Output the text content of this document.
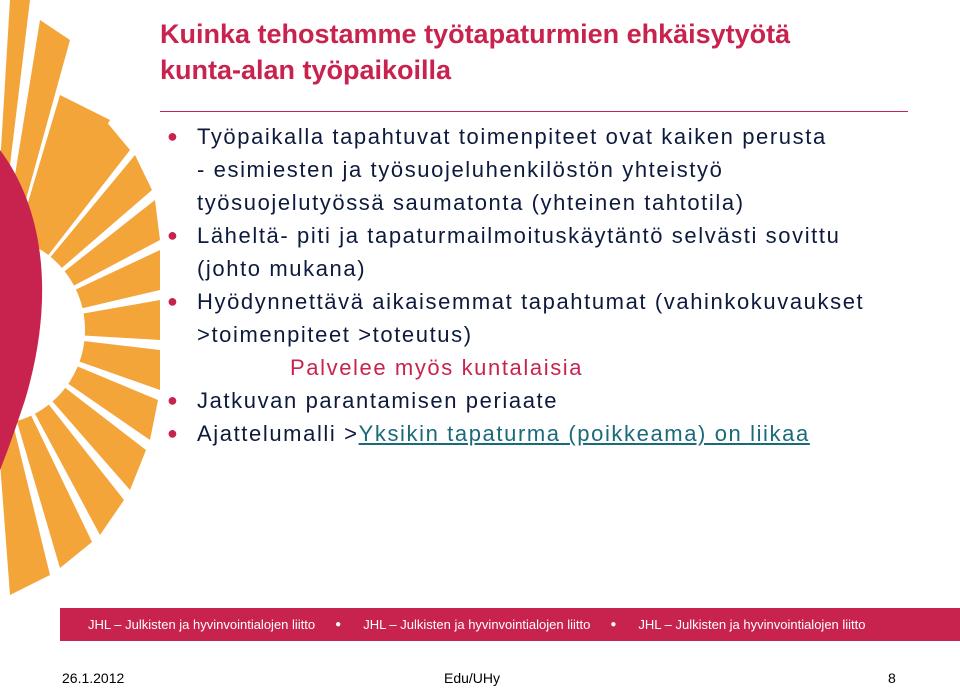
Kuinka tehostamme työtapaturmien ehkäisytyötä
kunta-alan työpaikoilla
● Työpaikalla tapahtuvat toimenpiteet ovat kaiken perusta
- esimiesten ja työsuojeluhenkilöstön yhteistyö työsuojelutyössä saumatonta (yhteinen tahtotila)
● Läheltä- piti ja tapaturmailmoituskäytäntö selvästi sovittu (johto mukana)
● Hyödynnettävä aikaisemmat tapahtumat (vahinkokuvaukset >toimenpiteet >toteutus)
Palvelee myös kuntalaisia
● Jatkuvan parantamisen periaate
● Ajattelumalli >Yksikin tapaturma (poikkeama) on liikaa
JHL – Julkisten ja hyvinvointialojen liitto ● JHL – Julkisten ja hyvinvointialojen liitto ● JHL – Julkisten ja hyvinvointialojen liitto
26.1.2012	Edu/UHy	8
